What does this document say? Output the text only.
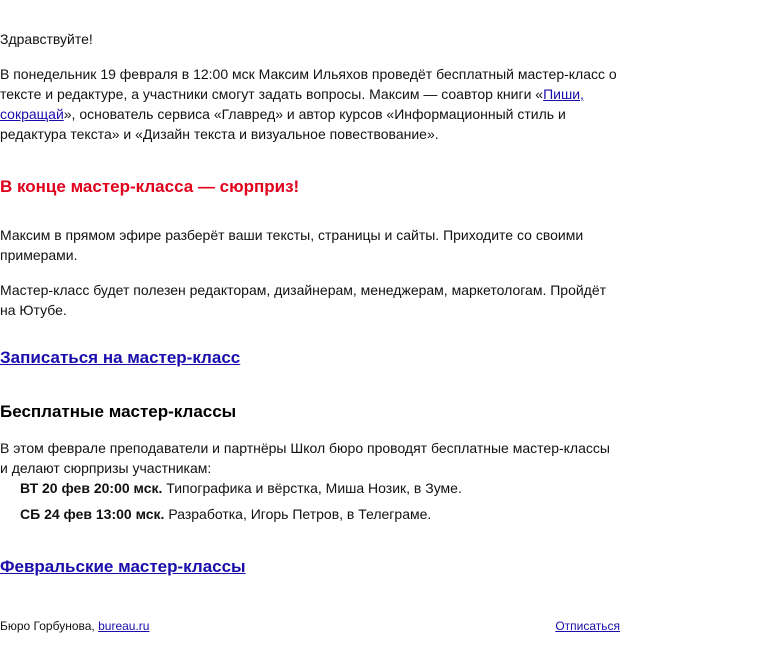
Здравствуйте!

В понедельник 19 февраля в 12:00 мск Максим Ильяхов проведёт бесплатный мастер-класс о тексте и редактуре, а участники смогут задать вопросы. Максим — соавтор книги «Пиши, сокращай», основатель сервиса «Главред» и автор курсов «Информационный стиль и редактура текста» и «Дизайн текста и визуальное повествование».

В конце мастер-класса — сюрприз!

Максим в прямом эфире разберёт ваши тексты, страницы и сайты. Приходите со своими примерами.

Мастер-класс будет полезен редакторам, дизайнерам, менеджерам, маркетологам. Пройдёт на Ютубе.

Записаться на мастер-класс
Бесплатные мастер-классы

В этом феврале преподаватели и партнёры Школ бюро проводят бесплатные мастер-классы и делают сюрпризы участникам:

ВТ 20 фев 20:00 мск. Типографика и вёрстка, Миша Нозик, в Зуме.
СБ 24 фев 13:00 мск. Разработка, Игорь Петров, в Телеграме.
Февральские мастер-классы
Бюро Горбунова, bureau.ru	Отписаться
